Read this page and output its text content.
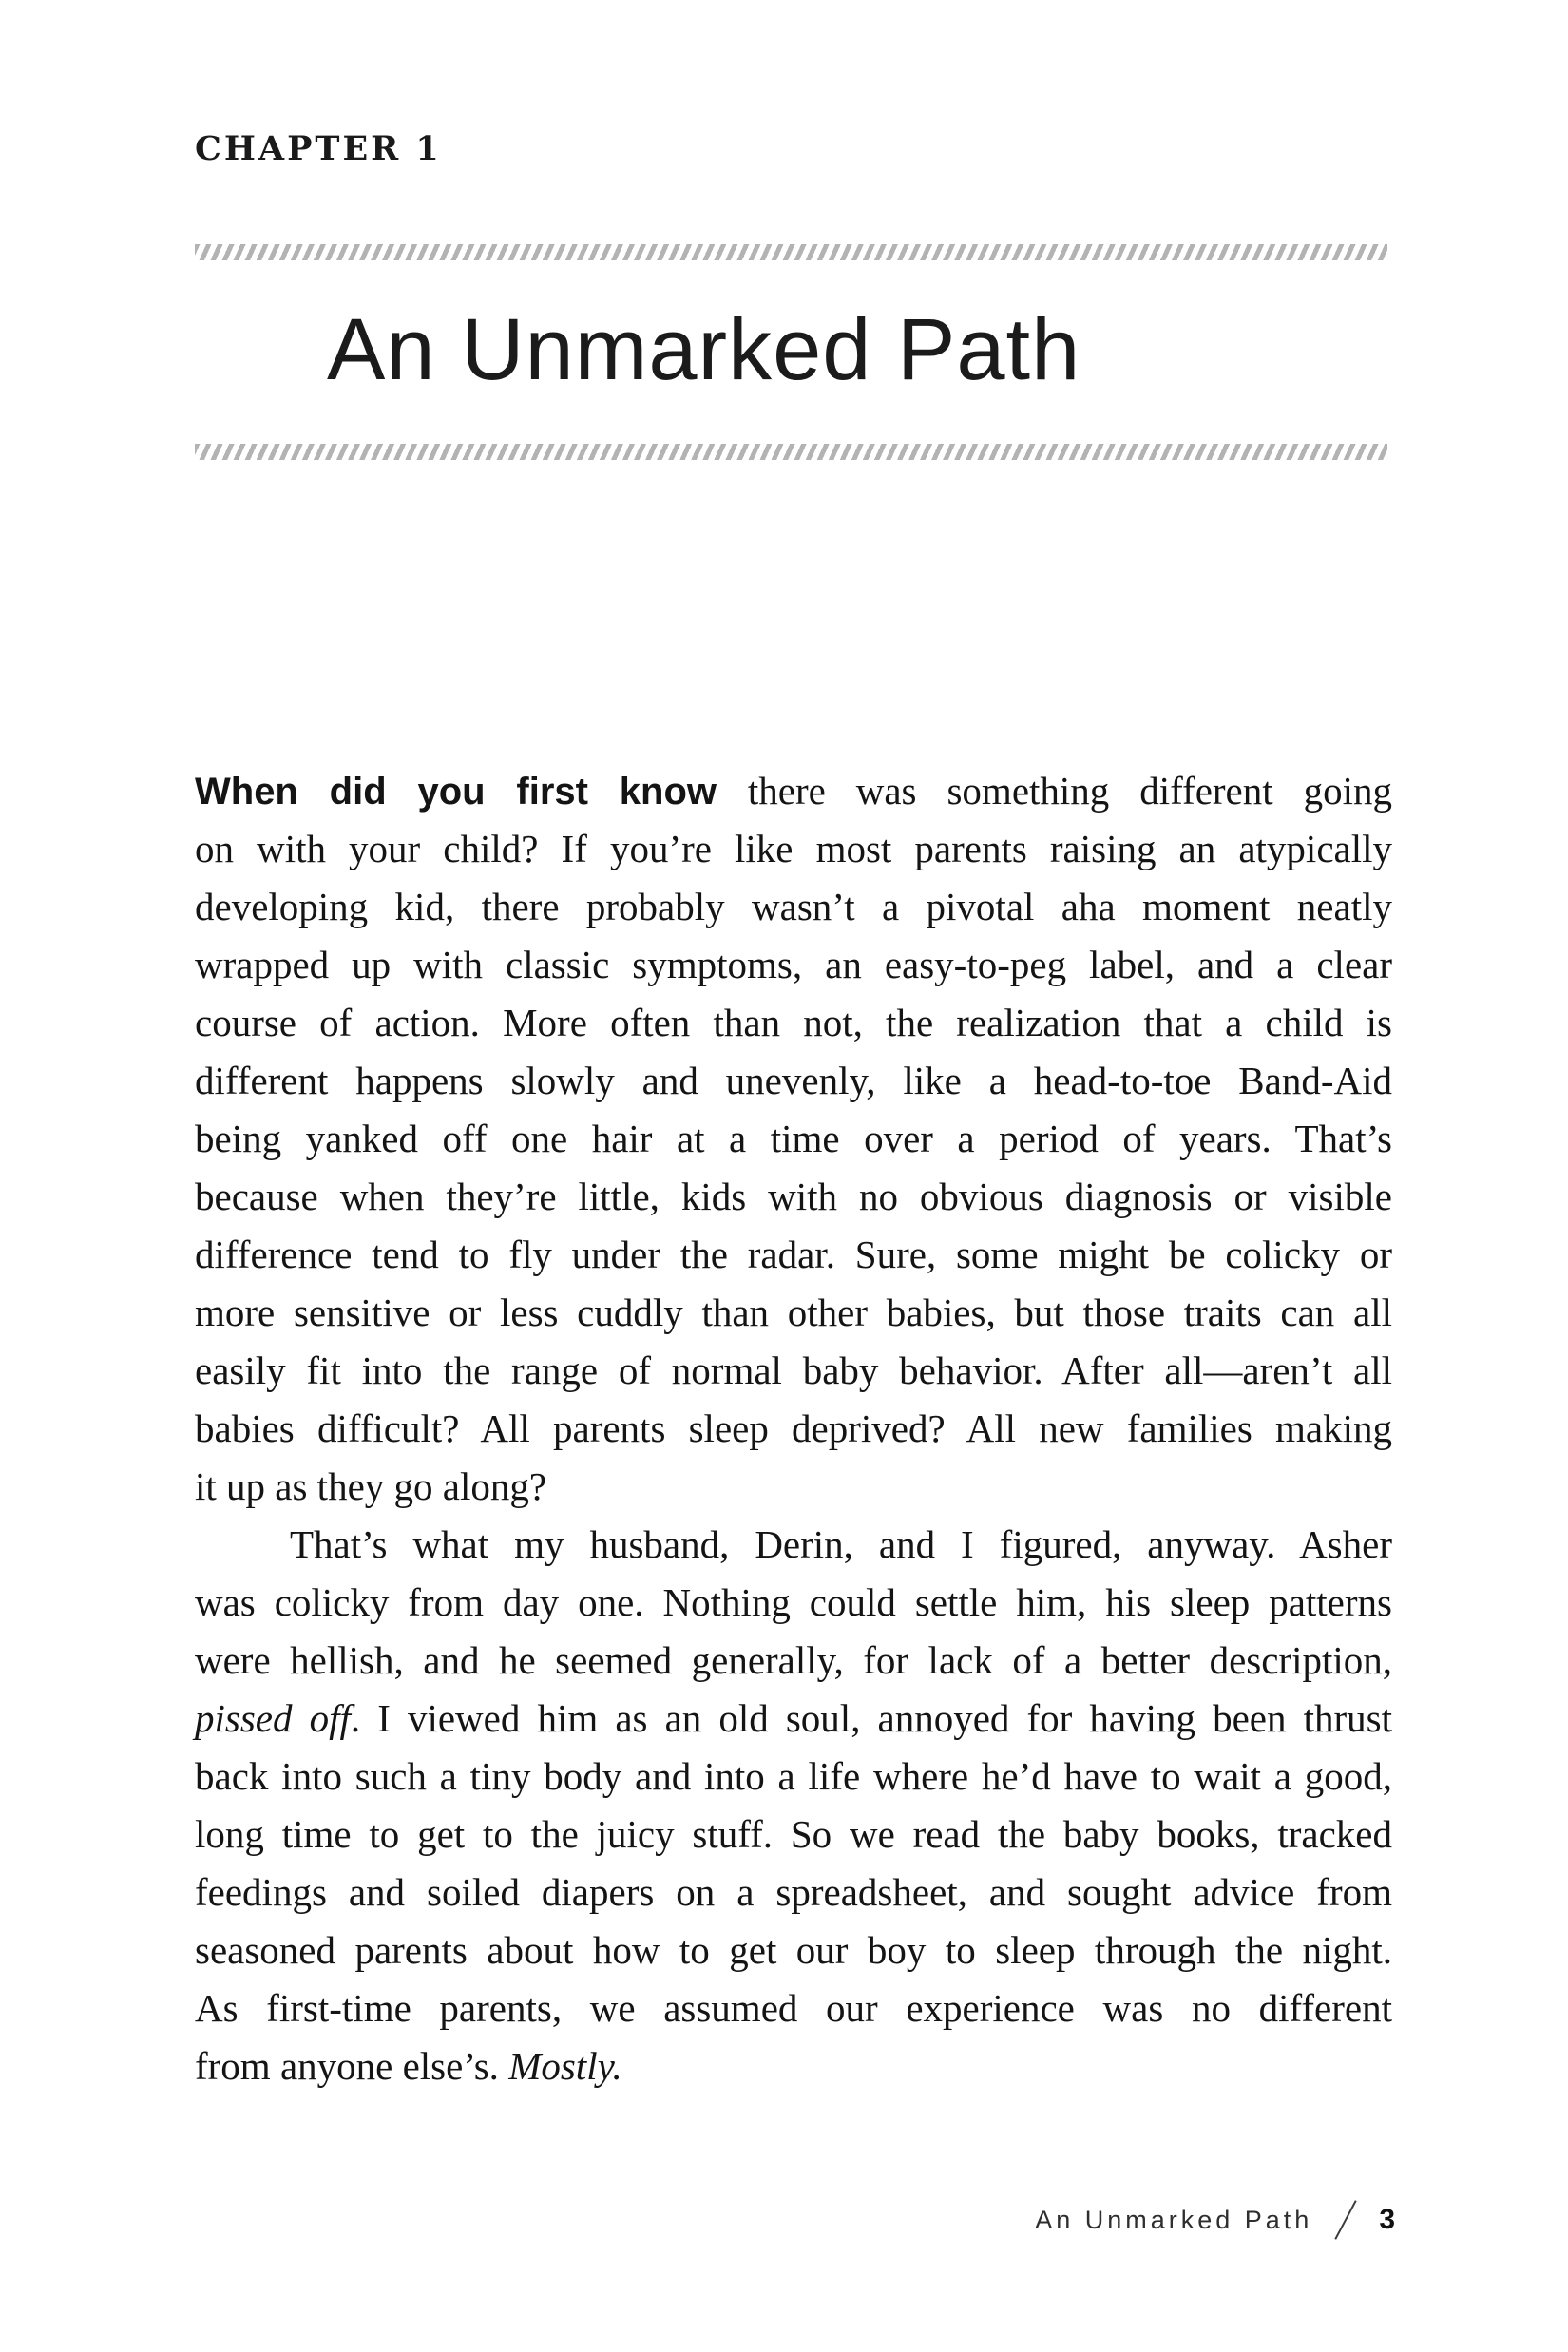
CHAPTER 1
An Unmarked Path
When did you first know there was something different going
on with your child? If you’re like most parents raising an atypically
developing kid, there probably wasn’t a pivotal aha moment neatly
wrapped up with classic symptoms, an easy-to-peg label, and a clear
course of action. More often than not, the realization that a child is
different happens slowly and unevenly, like a head-to-toe Band-Aid
being yanked off one hair at a time over a period of years. That’s
because when they’re little, kids with no obvious diagnosis or visible
difference tend to fly under the radar. Sure, some might be colicky or
more sensitive or less cuddly than other babies, but those traits can all
easily fit into the range of normal baby behavior. After all—aren’t all
babies difficult? All parents sleep deprived? All new families making
it up as they go along?
That’s what my husband, Derin, and I figured, anyway. Asher
was colicky from day one. Nothing could settle him, his sleep patterns
were hellish, and he seemed generally, for lack of a better description,
pissed off. I viewed him as an old soul, annoyed for having been thrust
back into such a tiny body and into a life where he’d have to wait a good,
long time to get to the juicy stuff. So we read the baby books, tracked
feedings and soiled diapers on a spreadsheet, and sought advice from
seasoned parents about how to get our boy to sleep through the night.
As first-time parents, we assumed our experience was no different
from anyone else’s. Mostly.
An Unmarked Path 3
